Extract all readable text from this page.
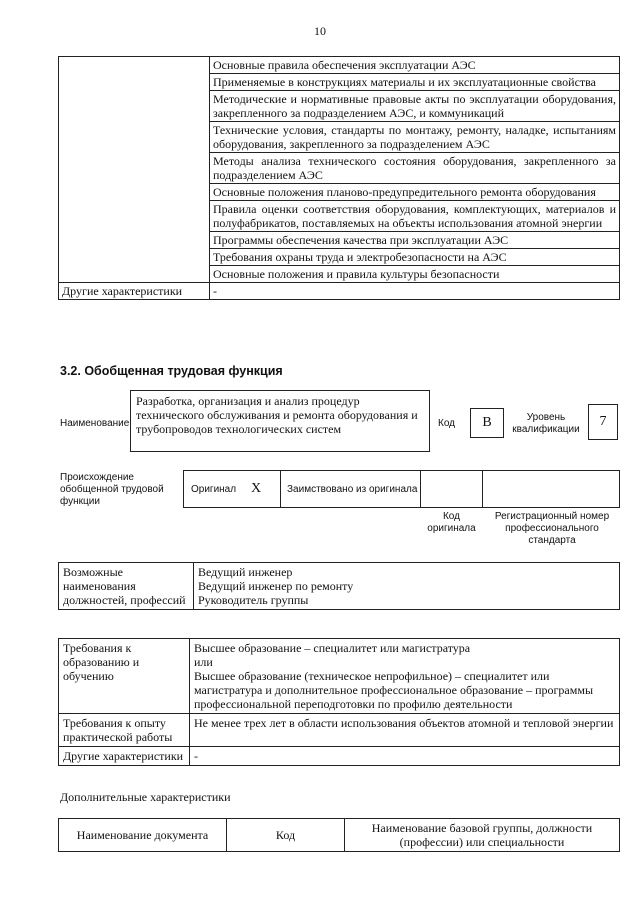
10
	Основные правила обеспечения эксплуатации АЭС
	Применяемые в конструкциях материалы и их эксплуатационные свойства
	Методические и нормативные правовые акты по эксплуатации оборудования, закрепленного за подразделением АЭС, и коммуникаций
	Технические условия, стандарты по монтажу, ремонту, наладке, испытаниям оборудования, закрепленного за подразделением АЭС
	Методы анализа технического состояния оборудования, закрепленного за подразделением АЭС
	Основные положения планово-предупредительного ремонта оборудования
	Правила оценки соответствия оборудования, комплектующих, материалов и полуфабрикатов, поставляемых на объекты использования атомной энергии
	Программы обеспечения качества при эксплуатации АЭС
	Требования охраны труда и электробезопасности на АЭС
	Основные положения и правила культуры безопасности
Другие характеристики	-
3.2. Обобщенная трудовая функция
Наименование
Разработка, организация и анализ процедур технического обслуживания и ремонта оборудования и трубопроводов технологических систем	Код	В	Уровень квалификации
7
Происхождение обобщенной трудовой функции
Оригинал X	Заимствовано из оригинала
Код оригинала
Регистрационный номер профессионального стандарта
Возможные наименования должностей, профессий	
Ведущий инженер
Ведущий инженер по ремонту
Руководитель группы
Требования к образованию и обучению	Высшее образование – специалитет или магистратура
или
Высшее образование (техническое непрофильное) – специалитет или магистратура и дополнительное профессиональное образование – программы профессиональной переподготовки по профилю деятельности

Требования к опыту практической работы	Не менее трех лет в области использования объектов атомной и тепловой энергии
Другие характеристики	-
Дополнительные характеристики
Наименование документа	Код	Наименование базовой группы, должности (профессии) или специальности
